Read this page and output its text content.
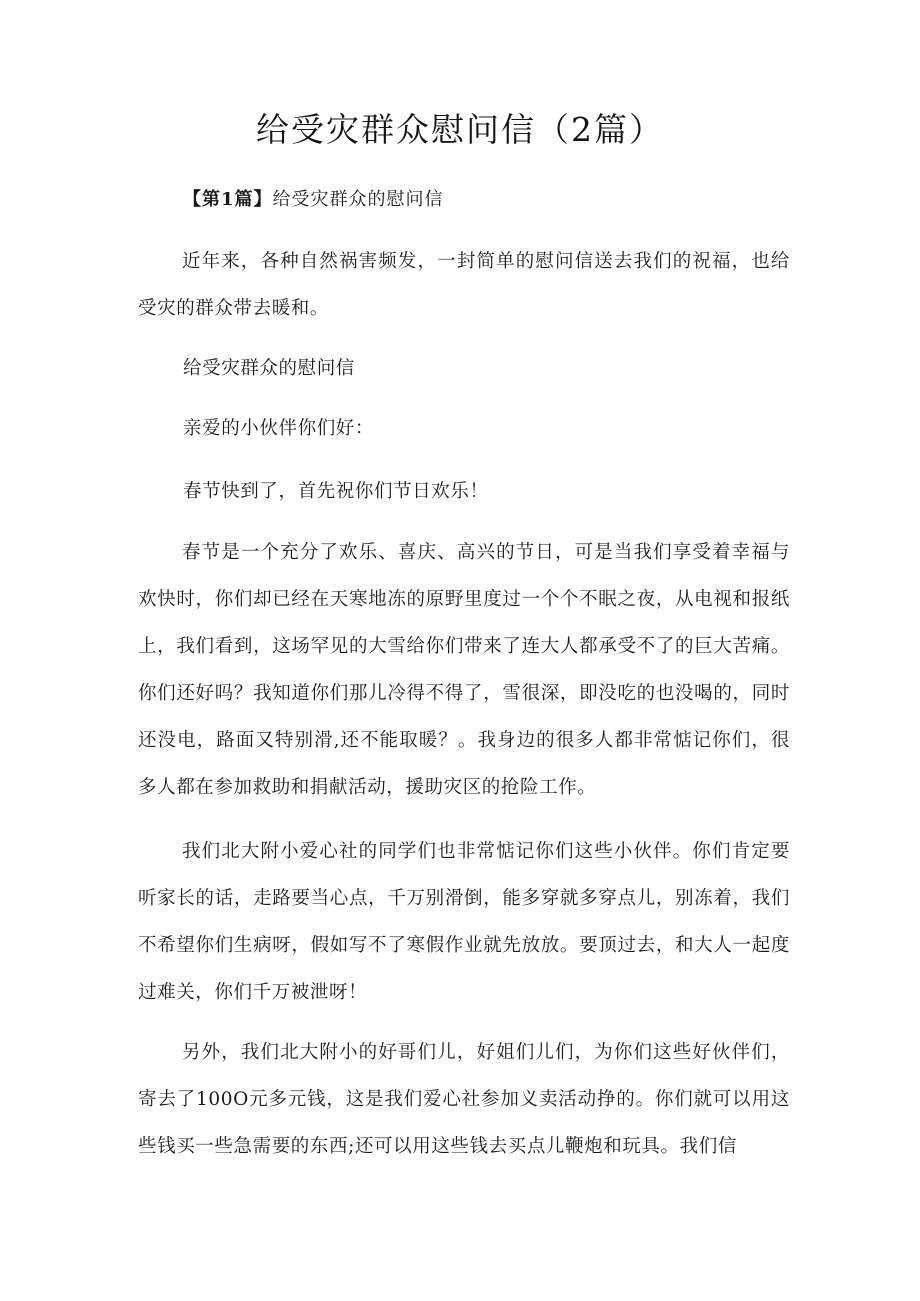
给受灾群众慰问信（2篇）
【第1篇】给受灾群众的慰问信

近年来，各种自然祸害频发，一封简单的慰问信送去我们的祝福，也给受灾的群众带去暖和。

给受灾群众的慰问信

亲爱的小伙伴你们好：

春节快到了，首先祝你们节日欢乐！

春节是一个充分了欢乐、喜庆、高兴的节日，可是当我们享受着幸福与欢快时，你们却已经在天寒地冻的原野里度过一个个不眠之夜，从电视和报纸上，我们看到，这场罕见的大雪给你们带来了连大人都承受不了的巨大苦痛。你们还好吗？我知道你们那儿冷得不得了，雪很深，即没吃的也没喝的，同时还没电，路面又特别滑,还不能取暖？。我身边的很多人都非常惦记你们，很多人都在参加救助和捐献活动，援助灾区的抢险工作。

我们北大附小爱心社的同学们也非常惦记你们这些小伙伴。你们肯定要听家长的话，走路要当心点，千万别滑倒，能多穿就多穿点儿，别冻着，我们不希望你们生病呀，假如写不了寒假作业就先放放。要顶过去，和大人一起度过难关，你们千万被泄呀！

另外，我们北大附小的好哥们儿，好姐们儿们，为你们这些好伙伴们，寄去了100O元多元钱，这是我们爱心社参加义卖活动挣的。你们就可以用这些钱买一些急需要的东西;还可以用这些钱去买点儿鞭炮和玩具。我们信
